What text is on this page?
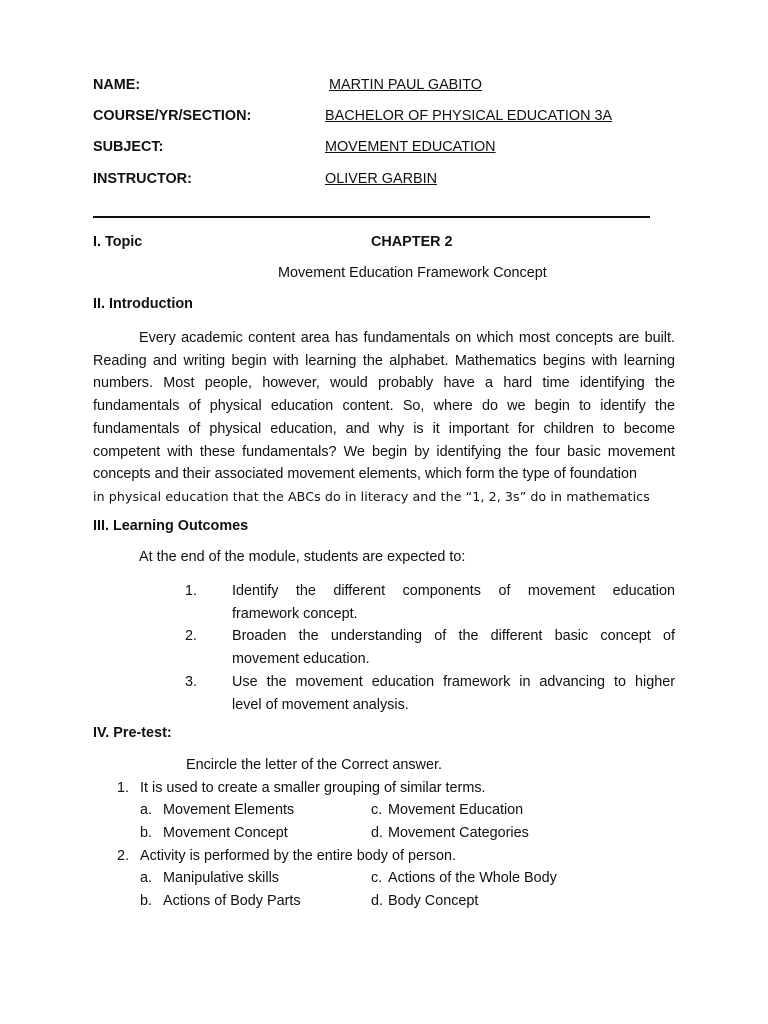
NAME:	MARTIN PAUL GABITO
COURSE/YR/SECTION:	BACHELOR OF PHYSICAL EDUCATION 3A
SUBJECT:	MOVEMENT EDUCATION
INSTRUCTOR:	OLIVER GARBIN
I. Topic	CHAPTER 2
Movement Education Framework Concept
II. Introduction
Every academic content area has fundamentals on which most concepts are built. Reading and writing begin with learning the alphabet. Mathematics begins with learning numbers. Most people, however, would probably have a hard time identifying the fundamentals of physical education content. So, where do we begin to identify the fundamentals of physical education, and why is it important for children to become competent with these fundamentals? We begin by identifying the four basic movement concepts and their associated movement elements, which form the type of foundation
in physical education that the ABCs do in literacy and the “1, 2, 3s” do in mathematics
III. Learning Outcomes
At the end of the module, students are expected to:
1. Identify the different components of movement education
framework concept.
2. Broaden the understanding of the different basic concept of
movement education.
3. Use the movement education framework in advancing to higher
level of movement analysis.
IV. Pre-test:
Encircle the letter of the Correct answer.
1. It is used to create a smaller grouping of similar terms.
a. Movement Elements	c. Movement Education
b. Movement Concept	d. Movement Categories
2. Activity is performed by the entire body of person.
a. Manipulative skills	c. Actions of the Whole Body
b. Actions of Body Parts	d. Body Concept
